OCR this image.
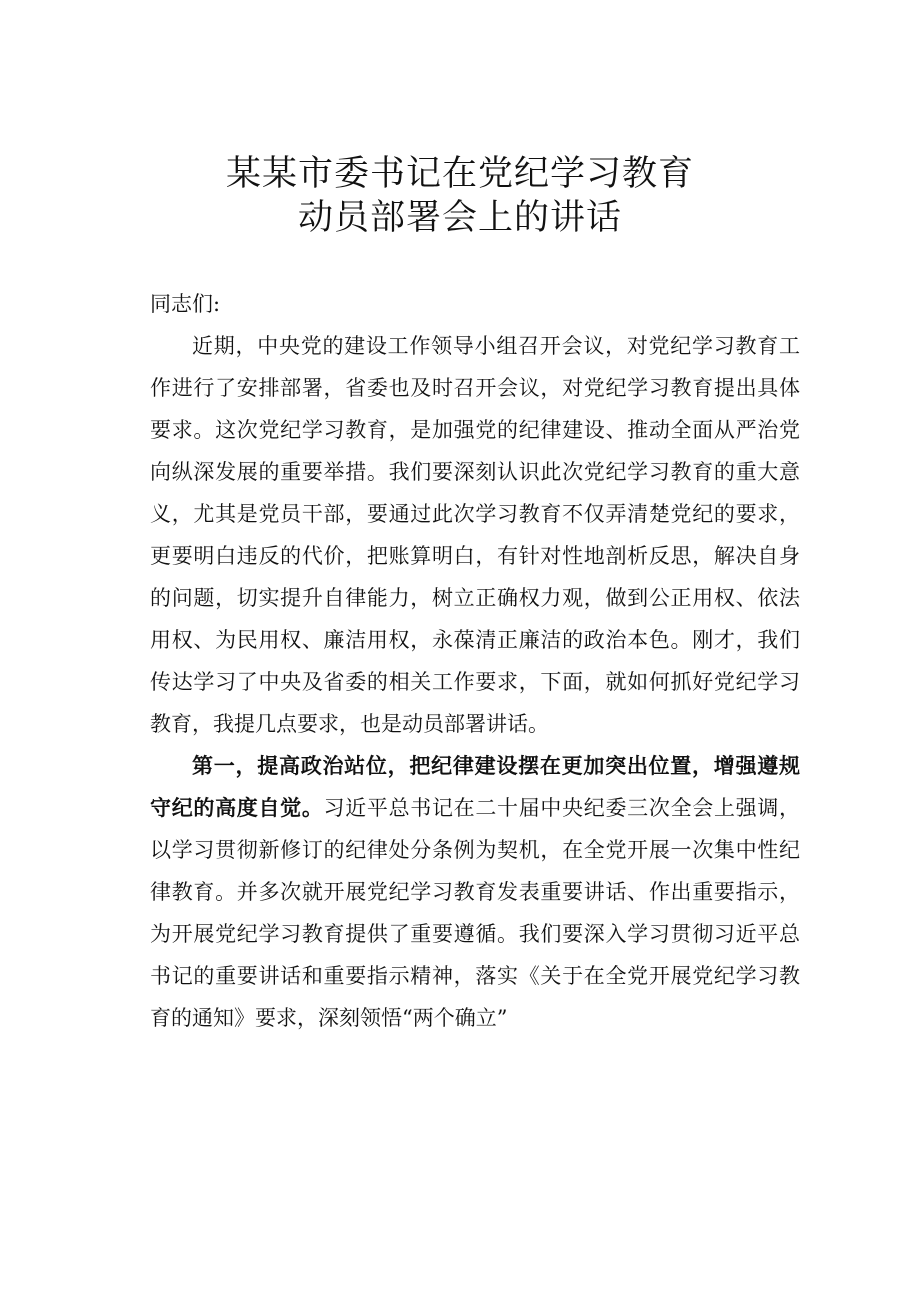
某某市委书记在党纪学习教育
动员部署会上的讲话

同志们:

近期，中央党的建设工作领导小组召开会议，对党纪学习教育工作进行了安排部署，省委也及时召开会议，对党纪学习教育提出具体要求。这次党纪学习教育，是加强党的纪律建设、推动全面从严治党向纵深发展的重要举措。我们要深刻认识此次党纪学习教育的重大意义，尤其是党员干部，要通过此次学习教育不仅弄清楚党纪的要求，更要明白违反的代价，把账算明白，有针对性地剖析反思，解决自身的问题，切实提升自律能力，树立正确权力观，做到公正用权、依法用权、为民用权、廉洁用权，永葆清正廉洁的政治本色。刚才，我们传达学习了中央及省委的相关工作要求，下面，就如何抓好党纪学习教育，我提几点要求，也是动员部署讲话。

第一，提高政治站位，把纪律建设摆在更加突出位置，增强遵规守纪的高度自觉。习近平总书记在二十届中央纪委三次全会上强调，以学习贯彻新修订的纪律处分条例为契机，在全党开展一次集中性纪律教育。并多次就开展党纪学习教育发表重要讲话、作出重要指示，为开展党纪学习教育提供了重要遵循。我们要深入学习贯彻习近平总书记的重要讲话和重要指示精神，落实《关于在全党开展党纪学习教育的通知》要求，深刻领悟“两个确立”
